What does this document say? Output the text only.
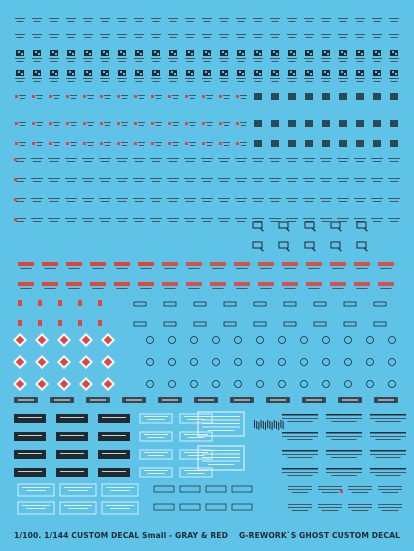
1/100. 1/144 CUSTOM DECAL Small - GRAY & RED G-REWORK`S GHOST CUSTOM DECAL
